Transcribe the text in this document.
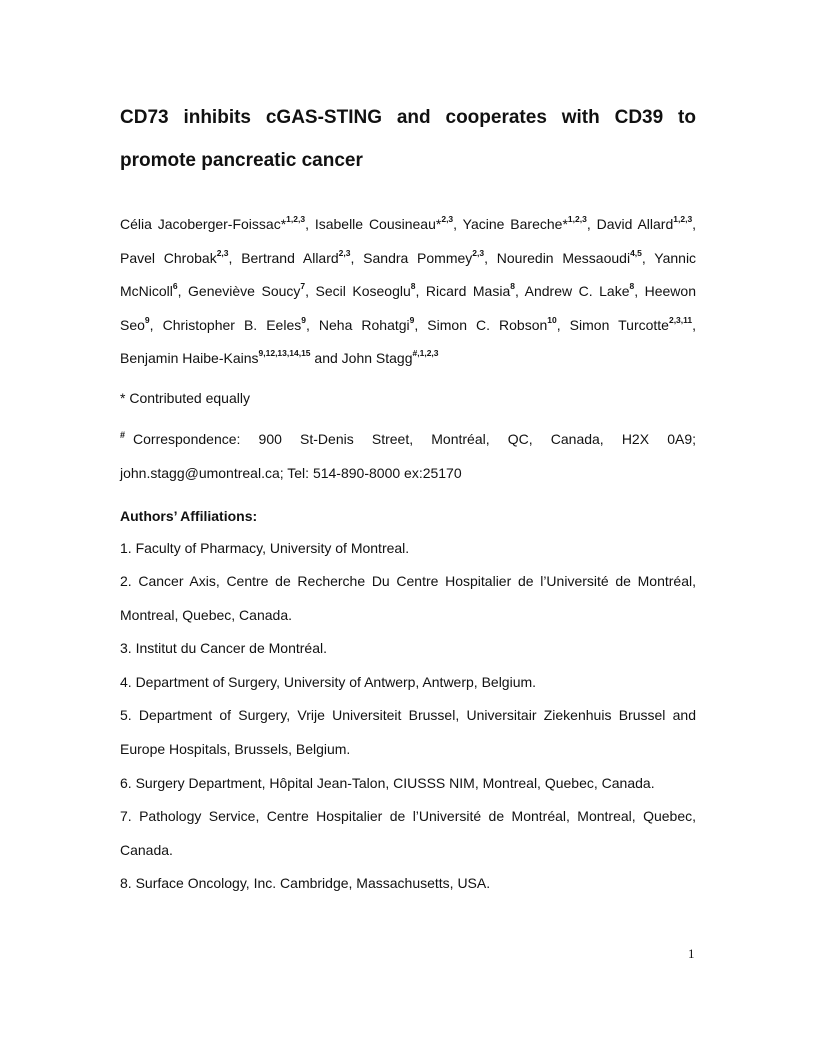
CD73 inhibits cGAS-STING and cooperates with CD39 to
promote pancreatic cancer
Célia Jacoberger-Foissac*$^{1,2,3}$, Isabelle Cousineau*$^{2,3}$, Yacine Bareche*$^{1,2,3}$, David Allard$^{1,2,3}$, Pavel Chrobak$^{2,3}$, Bertrand Allard$^{2,3}$, Sandra Pommey$^{2,3}$, Nouredin Messaoudi$^{4,5}$, Yannic McNicoll$^6$, Geneviève Soucy$^7$, Secil Koseoglu$^8$, Ricard Masia$^8$, Andrew C. Lake$^8$, Heewon Seo$^9$, Christopher B. Eeles$^9$, Neha Rohatgi$^9$, Simon C. Robson$^{10}$, Simon Turcotte$^{2,3,11}$, Benjamin Haibe-Kains$^{9,12,13,14,15}$ and John Stagg$^{\#,1,2,3}$
* Contributed equally
# Correspondence: 900 St-Denis Street, Montréal, QC, Canada, H2X 0A9;
john.stagg@umontreal.ca; Tel: 514-890-8000 ex:25170
Authors’ Affiliations:
1. Faculty of Pharmacy, University of Montreal.
2. Cancer Axis, Centre de Recherche Du Centre Hospitalier de l’Université de Montréal,
Montreal, Quebec, Canada.
3. Institut du Cancer de Montréal.
4. Department of Surgery, University of Antwerp, Antwerp, Belgium.
5. Department of Surgery, Vrije Universiteit Brussel, Universitair Ziekenhuis Brussel and
Europe Hospitals, Brussels, Belgium.
6. Surgery Department, Hôpital Jean-Talon, CIUSSS NIM, Montreal, Quebec, Canada.
7. Pathology Service, Centre Hospitalier de l’Université de Montréal, Montreal, Quebec,
Canada.
8. Surface Oncology, Inc. Cambridge, Massachusetts, USA.
1
